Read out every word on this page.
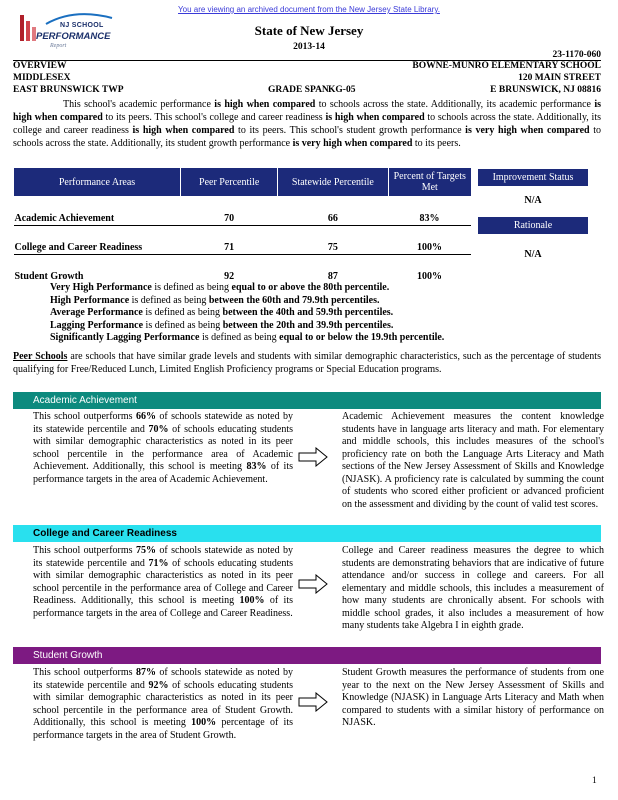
You are viewing an archived document from the New Jersey State Library.
NJ SCHOOL
PERFORMANCE
Report
State of New Jersey
2013-14
23-1170-060
OVERVIEW	BOWNE-MUNRO ELEMENTARY SCHOOL
MIDDLESEX	120 MAIN STREET
EAST BRUNSWICK TWP	GRADE SPAN KG-05	E BRUNSWICK, NJ 08816
This school's academic performance is high when compared to schools across the state. Additionally, its academic performance is high when compared to its peers. This school's college and career readiness is high when compared to schools across the state. Additionally, its college and career readiness is high when compared to its peers. This school's student growth performance is very high when compared to schools across the state. Additionally, its student growth performance is very high when compared to its peers.
Performance Areas	Peer Percentile	Statewide Percentile	Percent of Targets Met
Academic Achievement	70	66	83%
College and Career Readiness	71	75	100%
Student Growth	92	87	100%
Improvement Status
N/A
Rationale
N/A
Very High Performance is defined as being equal to or above the 80th percentile.
High Performance is defined as being between the 60th and 79.9th percentiles.
Average Performance is defined as being between the 40th and 59.9th percentiles.
Lagging Performance is defined as being between the 20th and 39.9th percentiles.
Significantly Lagging Performance is defined as being equal to or below the 19.9th percentile.
Peer Schools are schools that have similar grade levels and students with similar demographic characteristics, such as the percentage of students qualifying for Free/Reduced Lunch, Limited English Proficiency programs or Special Education programs.
Academic Achievement
This school outperforms 66% of schools statewide as noted by its statewide percentile and 70% of schools educating students with similar demographic characteristics as noted in its peer school percentile in the performance area of Academic Achievement. Additionally, this school is meeting 83% of its performance targets in the area of Academic Achievement.
Academic Achievement measures the content knowledge students have in language arts literacy and math. For elementary and middle schools, this includes measures of the school's proficiency rate on both the Language Arts Literacy and Math sections of the New Jersey Assessment of Skills and Knowledge (NJASK). A proficiency rate is calculated by summing the count of students who scored either proficient or advanced proficient on the assessment and dividing by the count of valid test scores.
College and Career Readiness
This school outperforms 75% of schools statewide as noted by its statewide percentile and 71% of schools educating students with similar demographic characteristics as noted in its peer school percentile in the performance area of College and Career Readiness. Additionally, this school is meeting 100% of its performance targets in the area of College and Career Readiness.
College and Career readiness measures the degree to which students are demonstrating behaviors that are indicative of future attendance and/or success in college and careers. For all elementary and middle schools, this includes a measurement of how many students are chronically absent. For schools with middle school grades, it also includes a measurement of how many students take Algebra I in eighth grade.
Student Growth
This school outperforms 87% of schools statewide as noted by its statewide percentile and 92% of schools educating students with similar demographic characteristics as noted in its peer school percentile in the performance area of Student Growth. Additionally, this school is meeting 100% percentage of its performance targets in the area of Student Growth.
Student Growth measures the performance of students from one year to the next on the New Jersey Assessment of Skills and Knowledge (NJASK) in Language Arts Literacy and Math when compared to students with a similar history of performance on NJASK.
1
